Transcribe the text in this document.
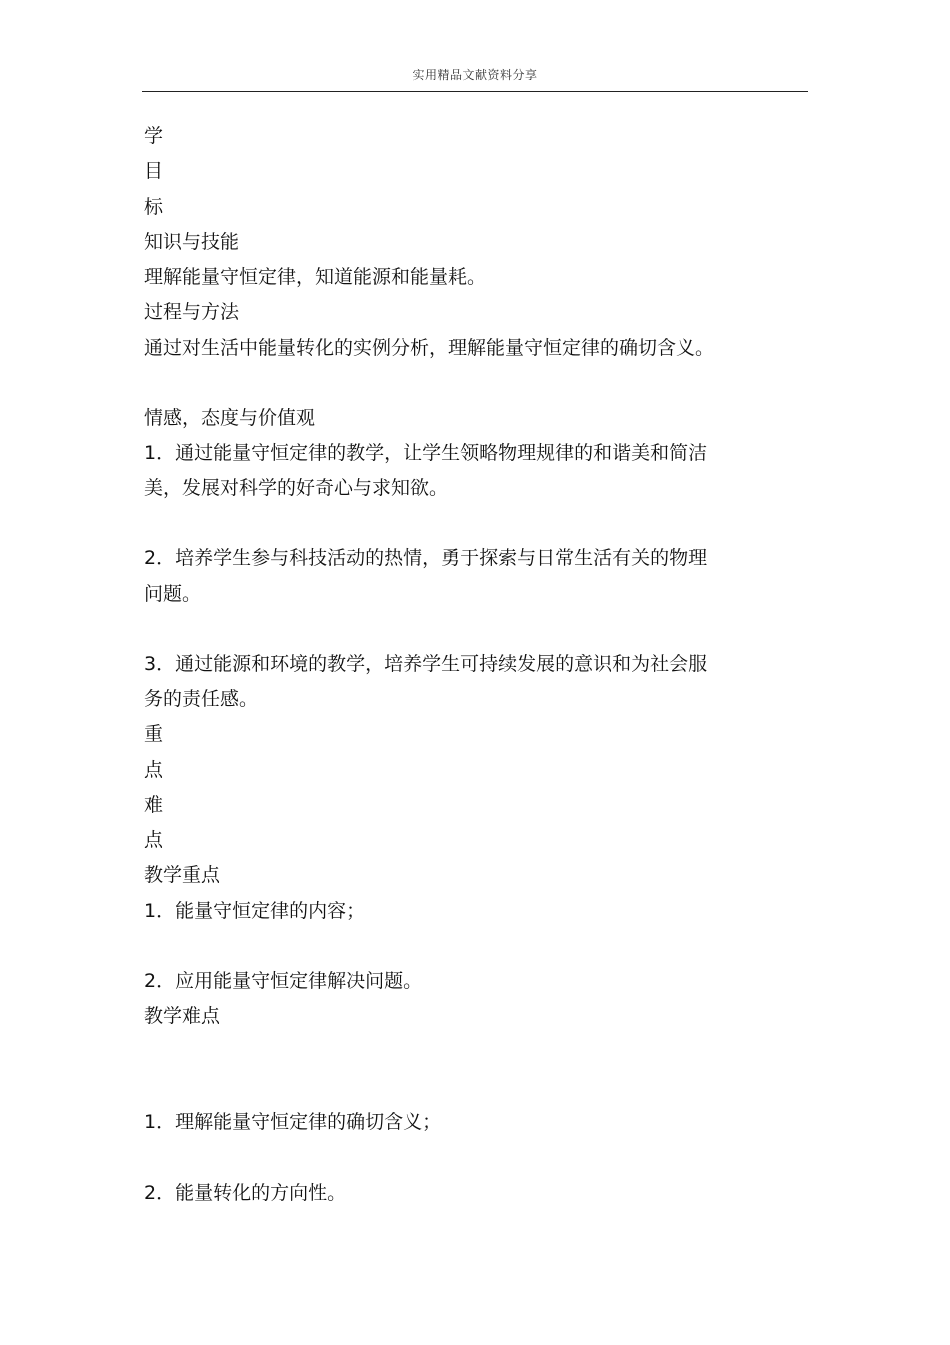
实用精品文献资料分享
学
目
标
知识与技能
理解能量守恒定律，知道能源和能量耗。
过程与方法
通过对生活中能量转化的实例分析，理解能量守恒定律的确切含义。
情感，态度与价值观
1．通过能量守恒定律的教学，让学生领略物理规律的和谐美和简洁
美，发展对科学的好奇心与求知欲。
2．培养学生参与科技活动的热情，勇于探索与日常生活有关的物理
问题。
3．通过能源和环境的教学，培养学生可持续发展的意识和为社会服
务的责任感。
重
点
难
点
教学重点
1．能量守恒定律的内容；
2．应用能量守恒定律解决问题。
教学难点
1．理解能量守恒定律的确切含义；
2．能量转化的方向性。
